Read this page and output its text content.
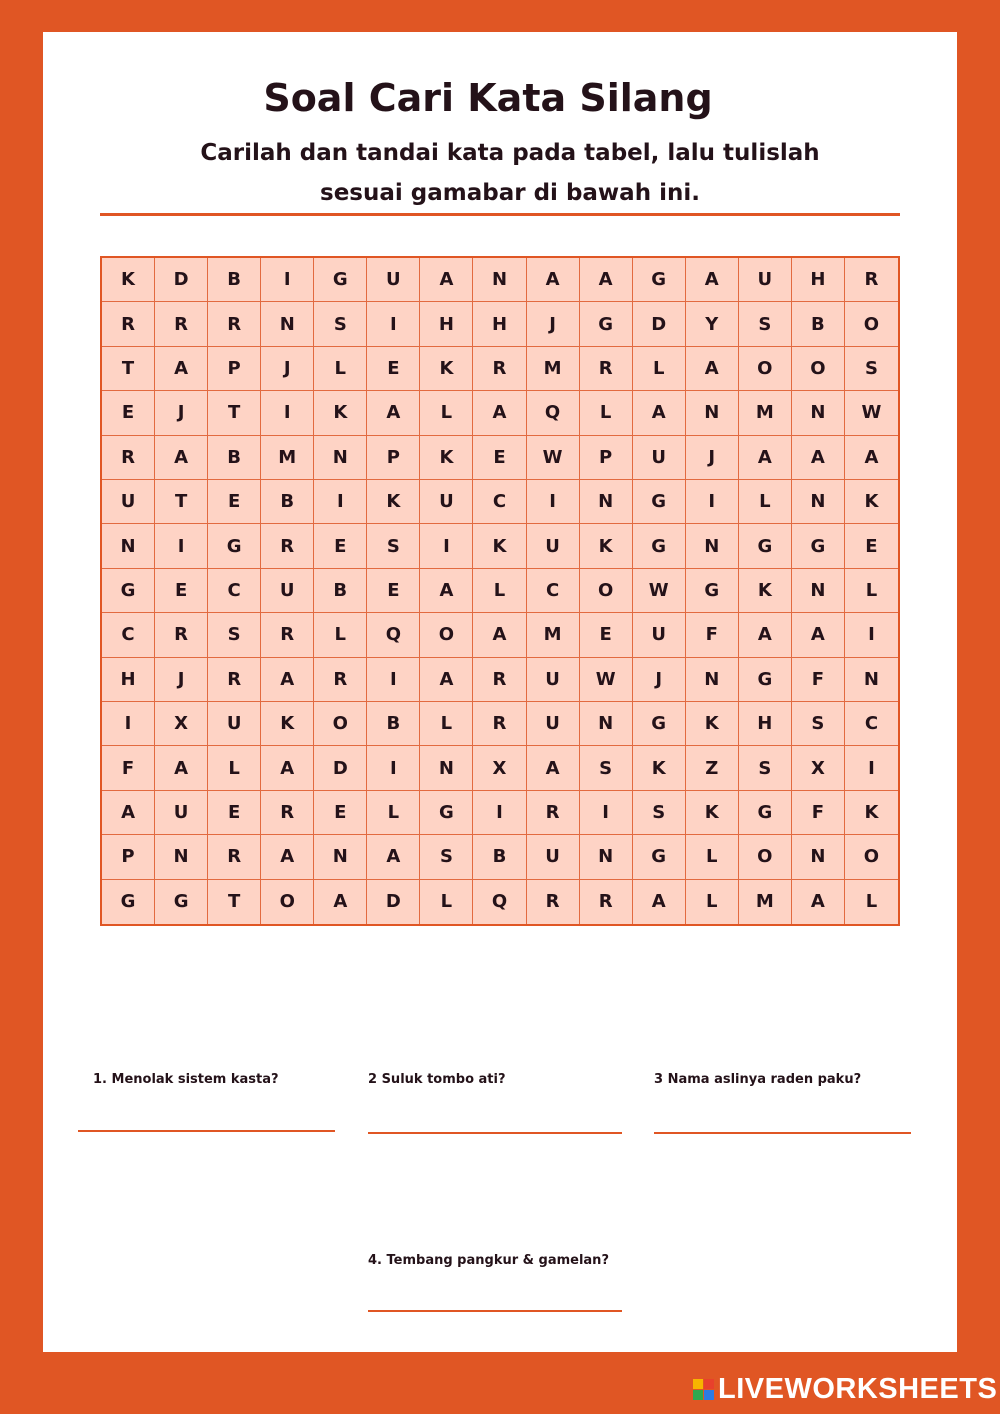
Soal Cari Kata Silang
Carilah dan tandai kata pada tabel, lalu tulislah
sesuai gamabar di bawah ini.
K	D	B	I	G	U	A	N	A	A	G	A	U	H	R
R	R	R	N	S	I	H	H	J	G	D	Y	S	B	O
T	A	P	J	L	E	K	R	M	R	L	A	O	O	S
E	J	T	I	K	A	L	A	Q	L	A	N	M	N	W
R	A	B	M	N	P	K	E	W	P	U	J	A	A	A
U	T	E	B	I	K	U	C	I	N	G	I	L	N	K
N	I	G	R	E	S	I	K	U	K	G	N	G	G	E
G	E	C	U	B	E	A	L	C	O	W	G	K	N	L
C	R	S	R	L	Q	O	A	M	E	U	F	A	A	I
H	J	R	A	R	I	A	R	U	W	J	N	G	F	N
I	X	U	K	O	B	L	R	U	N	G	K	H	S	C
F	A	L	A	D	I	N	X	A	S	K	Z	S	X	I
A	U	E	R	E	L	G	I	R	I	S	K	G	F	K
P	N	R	A	N	A	S	B	U	N	G	L	O	N	O
G	G	T	O	A	D	L	Q	R	R	A	L	M	A	L
1. Menolak sistem kasta?	2 Suluk tombo ati?	3 Nama aslinya raden paku?
4. Tembang pangkur & gamelan?
LIVEWORKSHEETS
